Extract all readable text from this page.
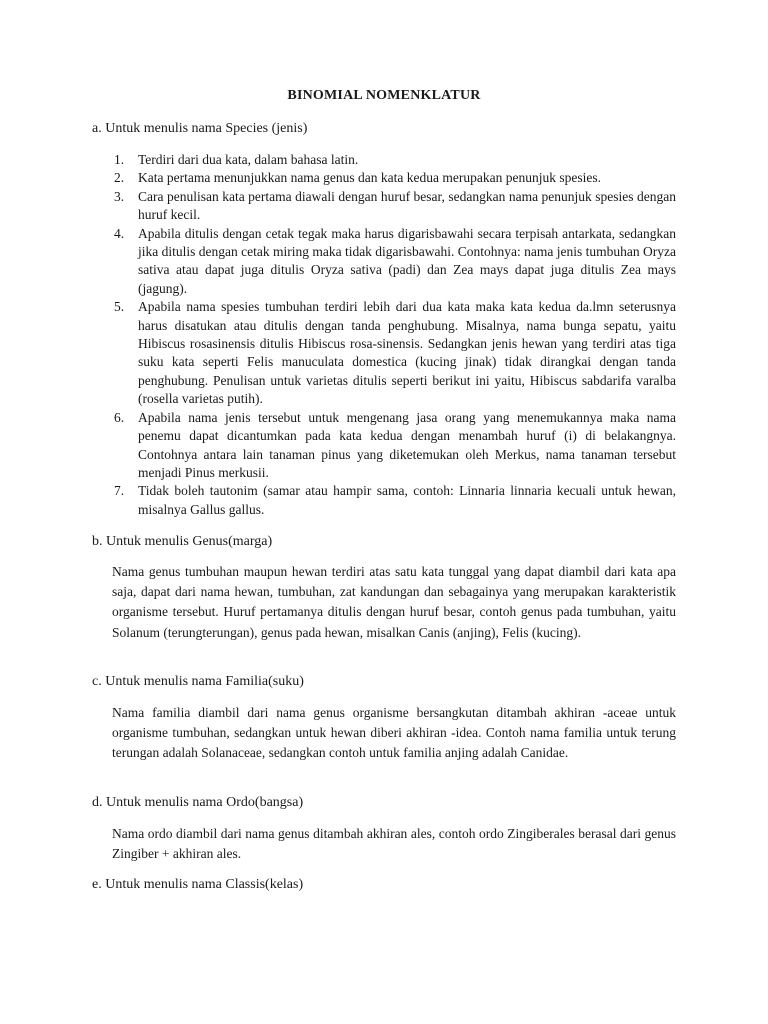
BINOMIAL NOMENKLATUR
a. Untuk menulis nama Species (jenis)
1. Terdiri dari dua kata, dalam bahasa latin.
2. Kata pertama menunjukkan nama genus dan kata kedua merupakan penunjuk spesies.
3. Cara penulisan kata pertama diawali dengan huruf besar, sedangkan nama penunjuk spesies dengan huruf kecil.
4. Apabila ditulis dengan cetak tegak maka harus digarisbawahi secara terpisah antarkata, sedangkan jika ditulis dengan cetak miring maka tidak digarisbawahi. Contohnya: nama jenis tumbuhan Oryza sativa atau dapat juga ditulis Oryza sativa (padi) dan Zea mays dapat juga ditulis Zea mays (jagung).
5. Apabila nama spesies tumbuhan terdiri lebih dari dua kata maka kata kedua da.lmn seterusnya harus disatukan atau ditulis dengan tanda penghubung. Misalnya, nama bunga sepatu, yaitu Hibiscus rosasinensis ditulis Hibiscus rosa-sinensis. Sedangkan jenis hewan yang terdiri atas tiga suku kata seperti Felis manuculata domestica (kucing jinak) tidak dirangkai dengan tanda penghubung. Penulisan untuk varietas ditulis seperti berikut ini yaitu, Hibiscus sabdarifa varalba (rosella varietas putih).
6. Apabila nama jenis tersebut untuk mengenang jasa orang yang menemukannya maka nama penemu dapat dicantumkan pada kata kedua dengan menambah huruf (i) di belakangnya. Contohnya antara lain tanaman pinus yang diketemukan oleh Merkus, nama tanaman tersebut menjadi Pinus merkusii.
7. Tidak boleh tautonim (samar atau hampir sama, contoh: Linnaria linnaria kecuali untuk hewan, misalnya Gallus gallus.
b. Untuk menulis Genus(marga)

Nama genus tumbuhan maupun hewan terdiri atas satu kata tunggal yang dapat diambil dari kata apa saja, dapat dari nama hewan, tumbuhan, zat kandungan dan sebagainya yang merupakan karakteristik organisme tersebut. Huruf pertamanya ditulis dengan huruf besar, contoh genus pada tumbuhan, yaitu Solanum (terungterungan), genus pada hewan, misalkan Canis (anjing), Felis (kucing).

c. Untuk menulis nama Familia(suku)

Nama familia diambil dari nama genus organisme bersangkutan ditambah akhiran -aceae untuk organisme tumbuhan, sedangkan untuk hewan diberi akhiran -idea. Contoh nama familia untuk terung terungan adalah Solanaceae, sedangkan contoh untuk familia anjing adalah Canidae.

d. Untuk menulis nama Ordo(bangsa)

Nama ordo diambil dari nama genus ditambah akhiran ales, contoh ordo Zingiberales berasal dari genus Zingiber + akhiran ales.

e. Untuk menulis nama Classis(kelas)
